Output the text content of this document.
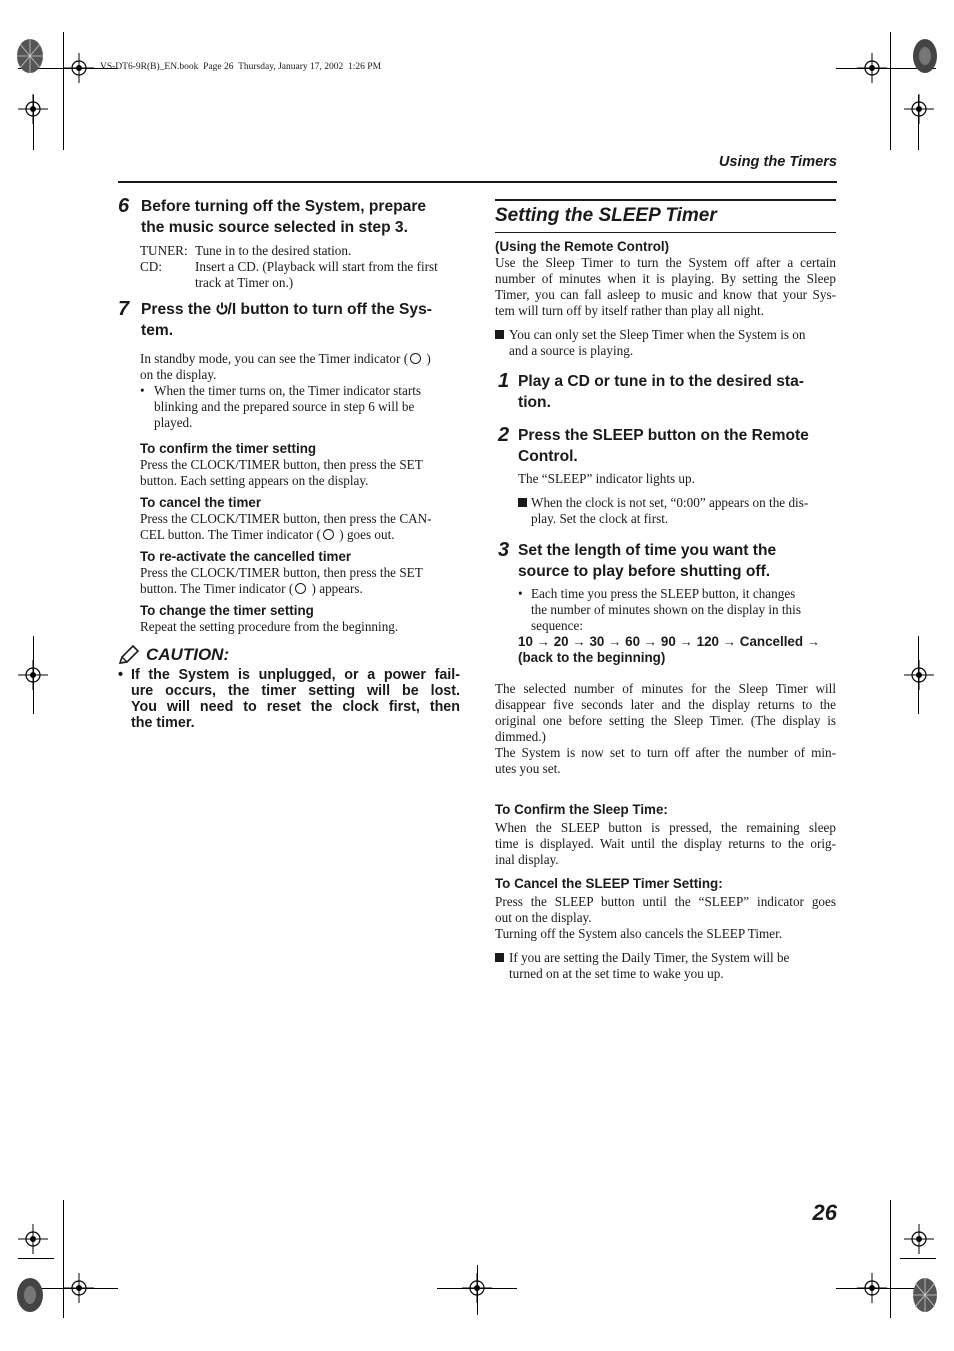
VS-DT6-9R(B)_EN.book  Page 26  Thursday, January 17, 2002  1:26 PM
Using the Timers
6 Before turning off the System, prepare
the music source selected in step 3.
TUNER: Tune in to the desired station.
CD:	Insert a CD. (Playback will start from the first
track at Timer on.)
7 Press the /I button to turn off the Sys-
tem.
In standby mode, you can see the Timer indicator ( )
on the display.
• When the timer turns on, the Timer indicator starts
blinking and the prepared source in step 6 will be
played.
To confirm the timer setting
Press the CLOCK/TIMER button, then press the SET
button. Each setting appears on the display.
To cancel the timer
Press the CLOCK/TIMER button, then press the CAN-
CEL button. The Timer indicator ( ) goes out.
To re-activate the cancelled timer
Press the CLOCK/TIMER button, then press the SET
button. The Timer indicator ( ) appears.
To change the timer setting
Repeat the setting procedure from the beginning.
CAUTION:
• If the System is unplugged, or a power fail-
ure occurs, the timer setting will be lost.
You will need to reset the clock first, then
the timer.
Setting the SLEEP Timer
(Using the Remote Control)
Use the Sleep Timer to turn the System off after a certain
number of minutes when it is playing. By setting the Sleep
Timer, you can fall asleep to music and know that your Sys-
tem will turn off by itself rather than play all night.
You can only set the Sleep Timer when the System is on
and a source is playing.
1 Play a CD or tune in to the desired sta-
tion.
2 Press the SLEEP button on the Remote
Control.
The “SLEEP” indicator lights up.
When the clock is not set, “0:00” appears on the dis-
play. Set the clock at first.
3 Set the length of time you want the
source to play before shutting off.
• Each time you press the SLEEP button, it changes
the number of minutes shown on the display in this
sequence:
10 → 20 → 30 → 60 → 90 → 120 → Cancelled →
(back to the beginning)
The selected number of minutes for the Sleep Timer will
disappear five seconds later and the display returns to the
original one before setting the Sleep Timer. (The display is
dimmed.)
The System is now set to turn off after the number of min-
utes you set.
To Confirm the Sleep Time:
When the SLEEP button is pressed, the remaining sleep
time is displayed. Wait until the display returns to the orig-
inal display.
To Cancel the SLEEP Timer Setting:
Press the SLEEP button until the “SLEEP” indicator goes
out on the display.
Turning off the System also cancels the SLEEP Timer.
If you are setting the Daily Timer, the System will be
turned on at the set time to wake you up.
26
